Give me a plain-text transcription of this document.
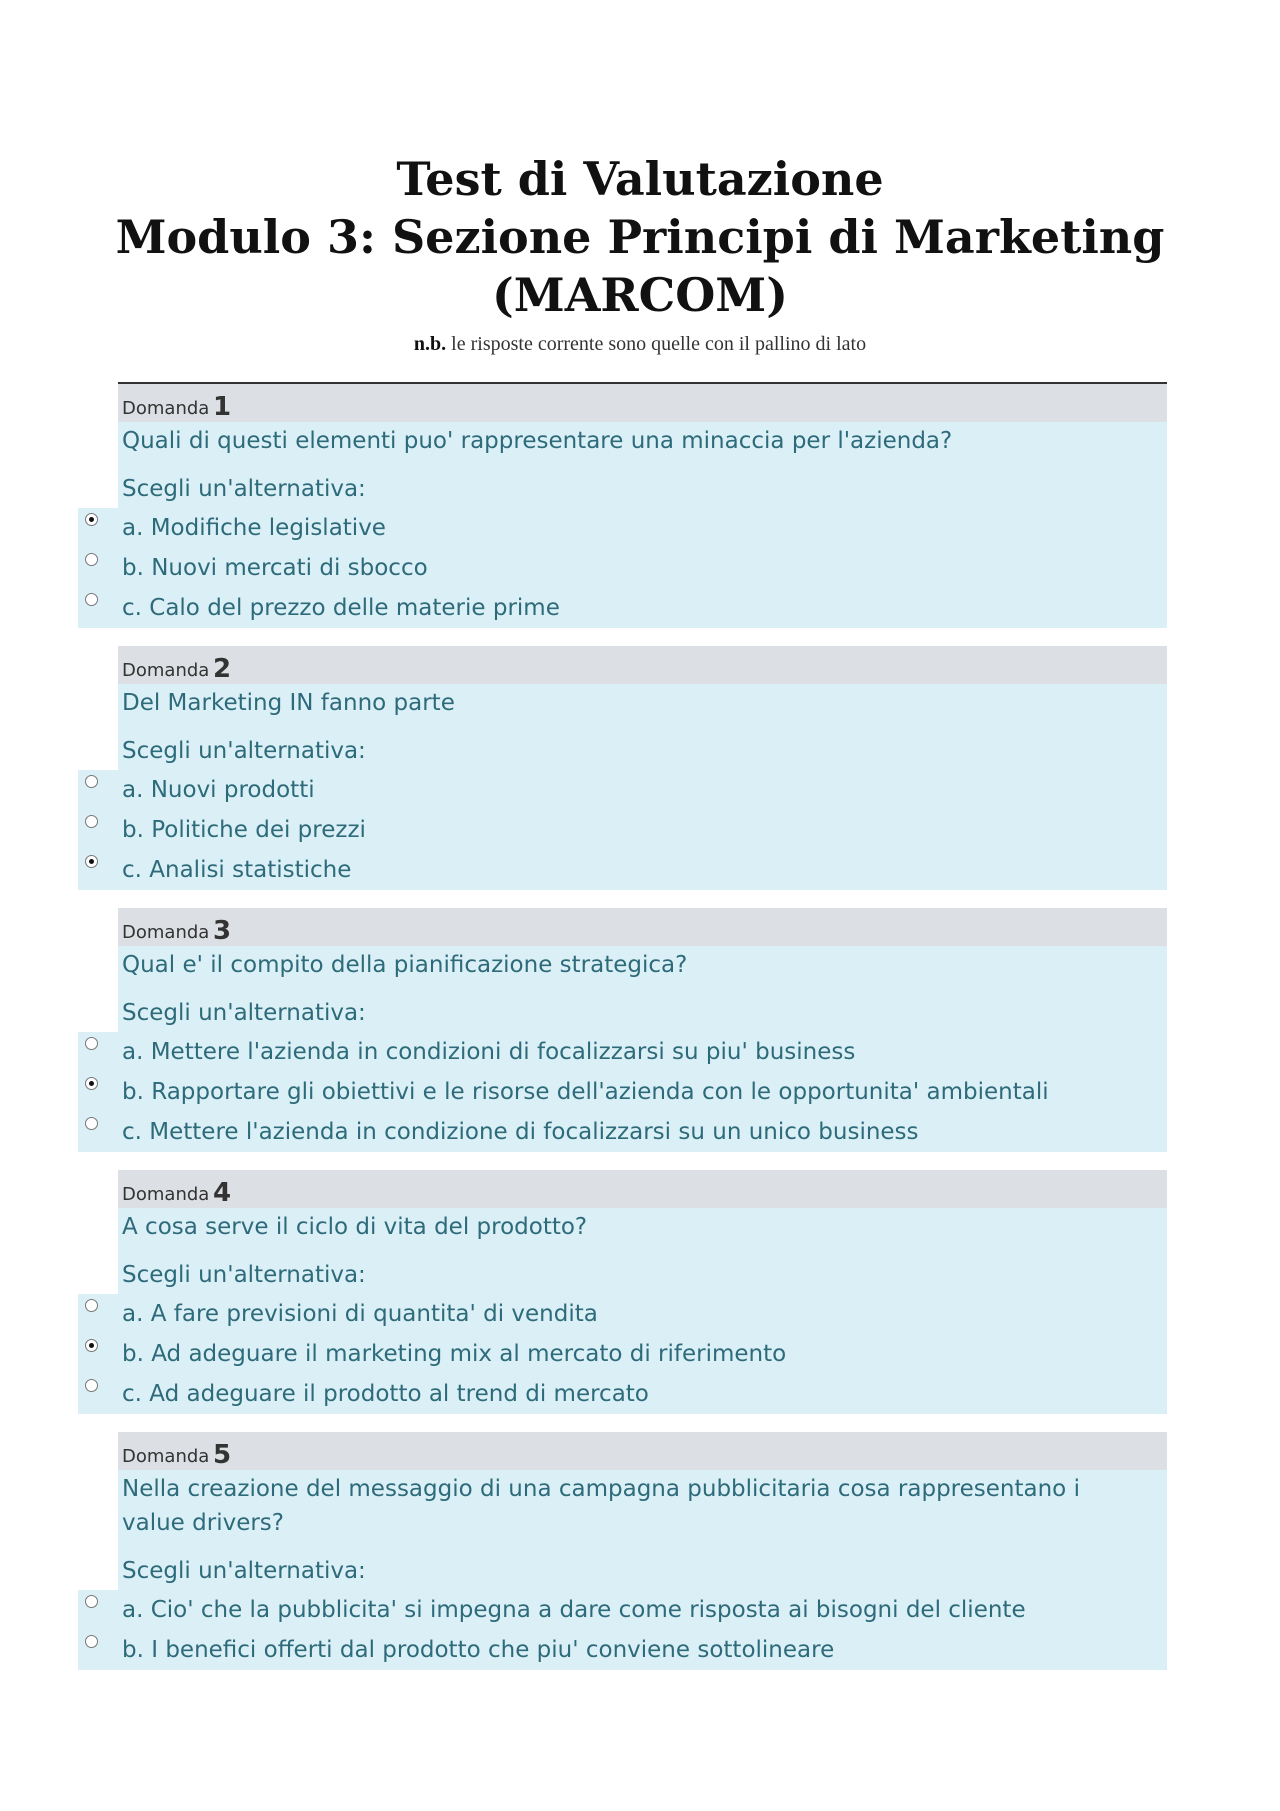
Test di Valutazione
Modulo 3: Sezione Principi di Marketing
(MARCOM)
n.b. le risposte corrente sono quelle con il pallino di lato
Domanda 1
Quali di questi elementi puo' rappresentare una minaccia per l'azienda?
Scegli un'alternativa:
a. Modifiche legislative
b. Nuovi mercati di sbocco
c. Calo del prezzo delle materie prime
Domanda 2
Del Marketing IN fanno parte
Scegli un'alternativa:
a. Nuovi prodotti
b. Politiche dei prezzi
c. Analisi statistiche
Domanda 3
Qual e' il compito della pianificazione strategica?
Scegli un'alternativa:
a. Mettere l'azienda in condizioni di focalizzarsi su piu' business
b. Rapportare gli obiettivi e le risorse dell'azienda con le opportunita' ambientali
c. Mettere l'azienda in condizione di focalizzarsi su un unico business
Domanda 4
A cosa serve il ciclo di vita del prodotto?
Scegli un'alternativa:
a. A fare previsioni di quantita' di vendita
b. Ad adeguare il marketing mix al mercato di riferimento
c. Ad adeguare il prodotto al trend di mercato
Domanda 5
Nella creazione del messaggio di una campagna pubblicitaria cosa rappresentano i value drivers?
Scegli un'alternativa:
a. Cio' che la pubblicita' si impegna a dare come risposta ai bisogni del cliente
b. I benefici offerti dal prodotto che piu' conviene sottolineare
